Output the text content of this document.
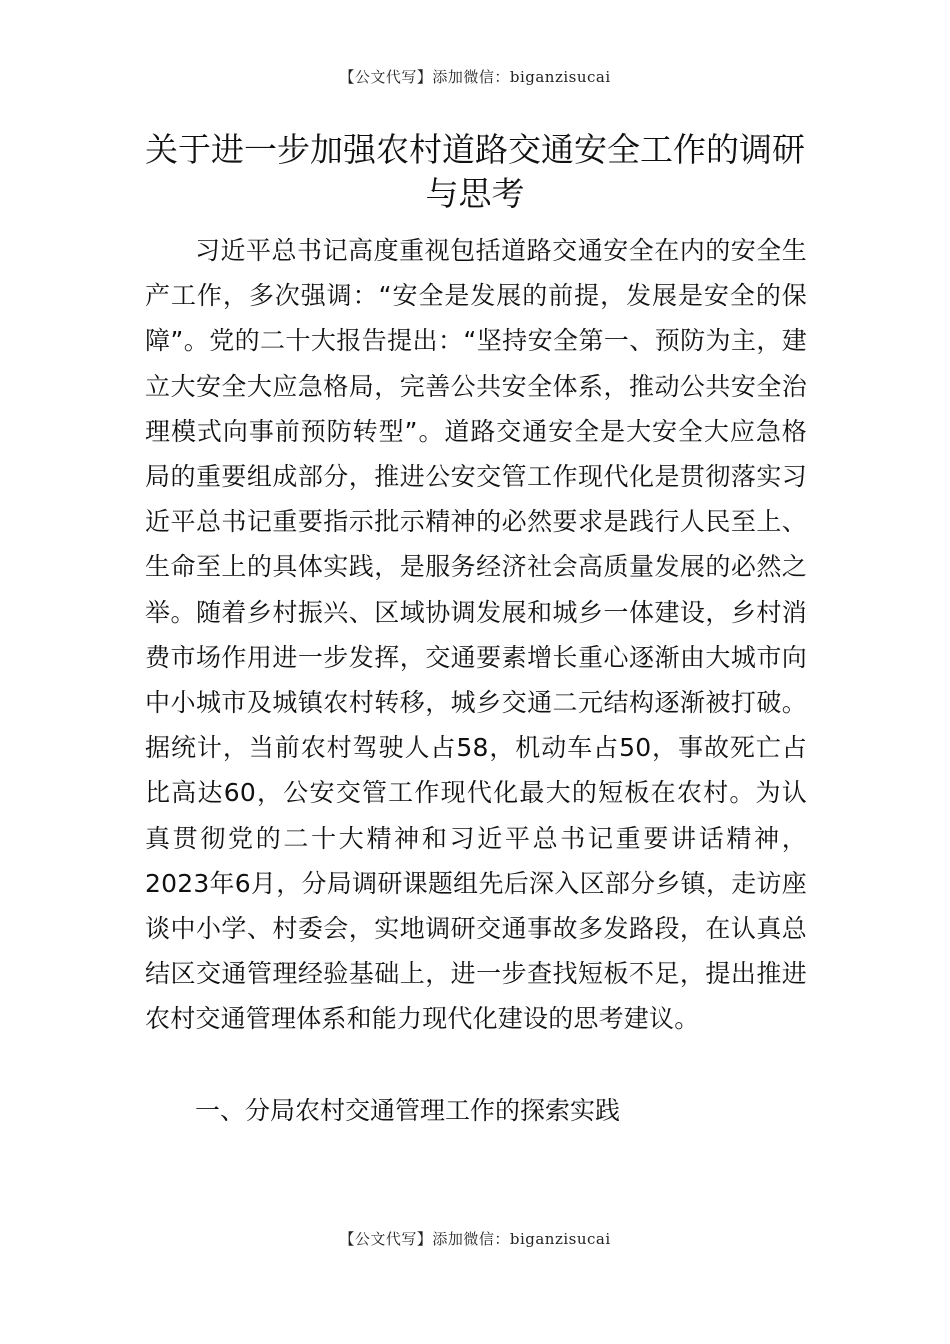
【公文代写】添加微信：biganzisucai
关于进一步加强农村道路交通安全工作的调研与思考

习近平总书记高度重视包括道路交通安全在内的安全生产工作，多次强调：“安全是发展的前提，发展是安全的保障”。党的二十大报告提出：“坚持安全第一、预防为主，建立大安全大应急格局，完善公共安全体系，推动公共安全治理模式向事前预防转型”。道路交通安全是大安全大应急格局的重要组成部分，推进公安交管工作现代化是贯彻落实习近平总书记重要指示批示精神的必然要求是践行人民至上、生命至上的具体实践，是服务经济社会高质量发展的必然之举。随着乡村振兴、区域协调发展和城乡一体建设，乡村消费市场作用进一步发挥，交通要素增长重心逐渐由大城市向中小城市及城镇农村转移，城乡交通二元结构逐渐被打破。据统计，当前农村驾驶人占58，机动车占50，事故死亡占比高达60，公安交管工作现代化最大的短板在农村。为认真贯彻党的二十大精神和习近平总书记重要讲话精神，2023年6月，分局调研课题组先后深入区部分乡镇，走访座谈中小学、村委会，实地调研交通事故多发路段，在认真总结区交通管理经验基础上，进一步查找短板不足，提出推进农村交通管理体系和能力现代化建设的思考建议。

一、分局农村交通管理工作的探索实践
【公文代写】添加微信：biganzisucai
